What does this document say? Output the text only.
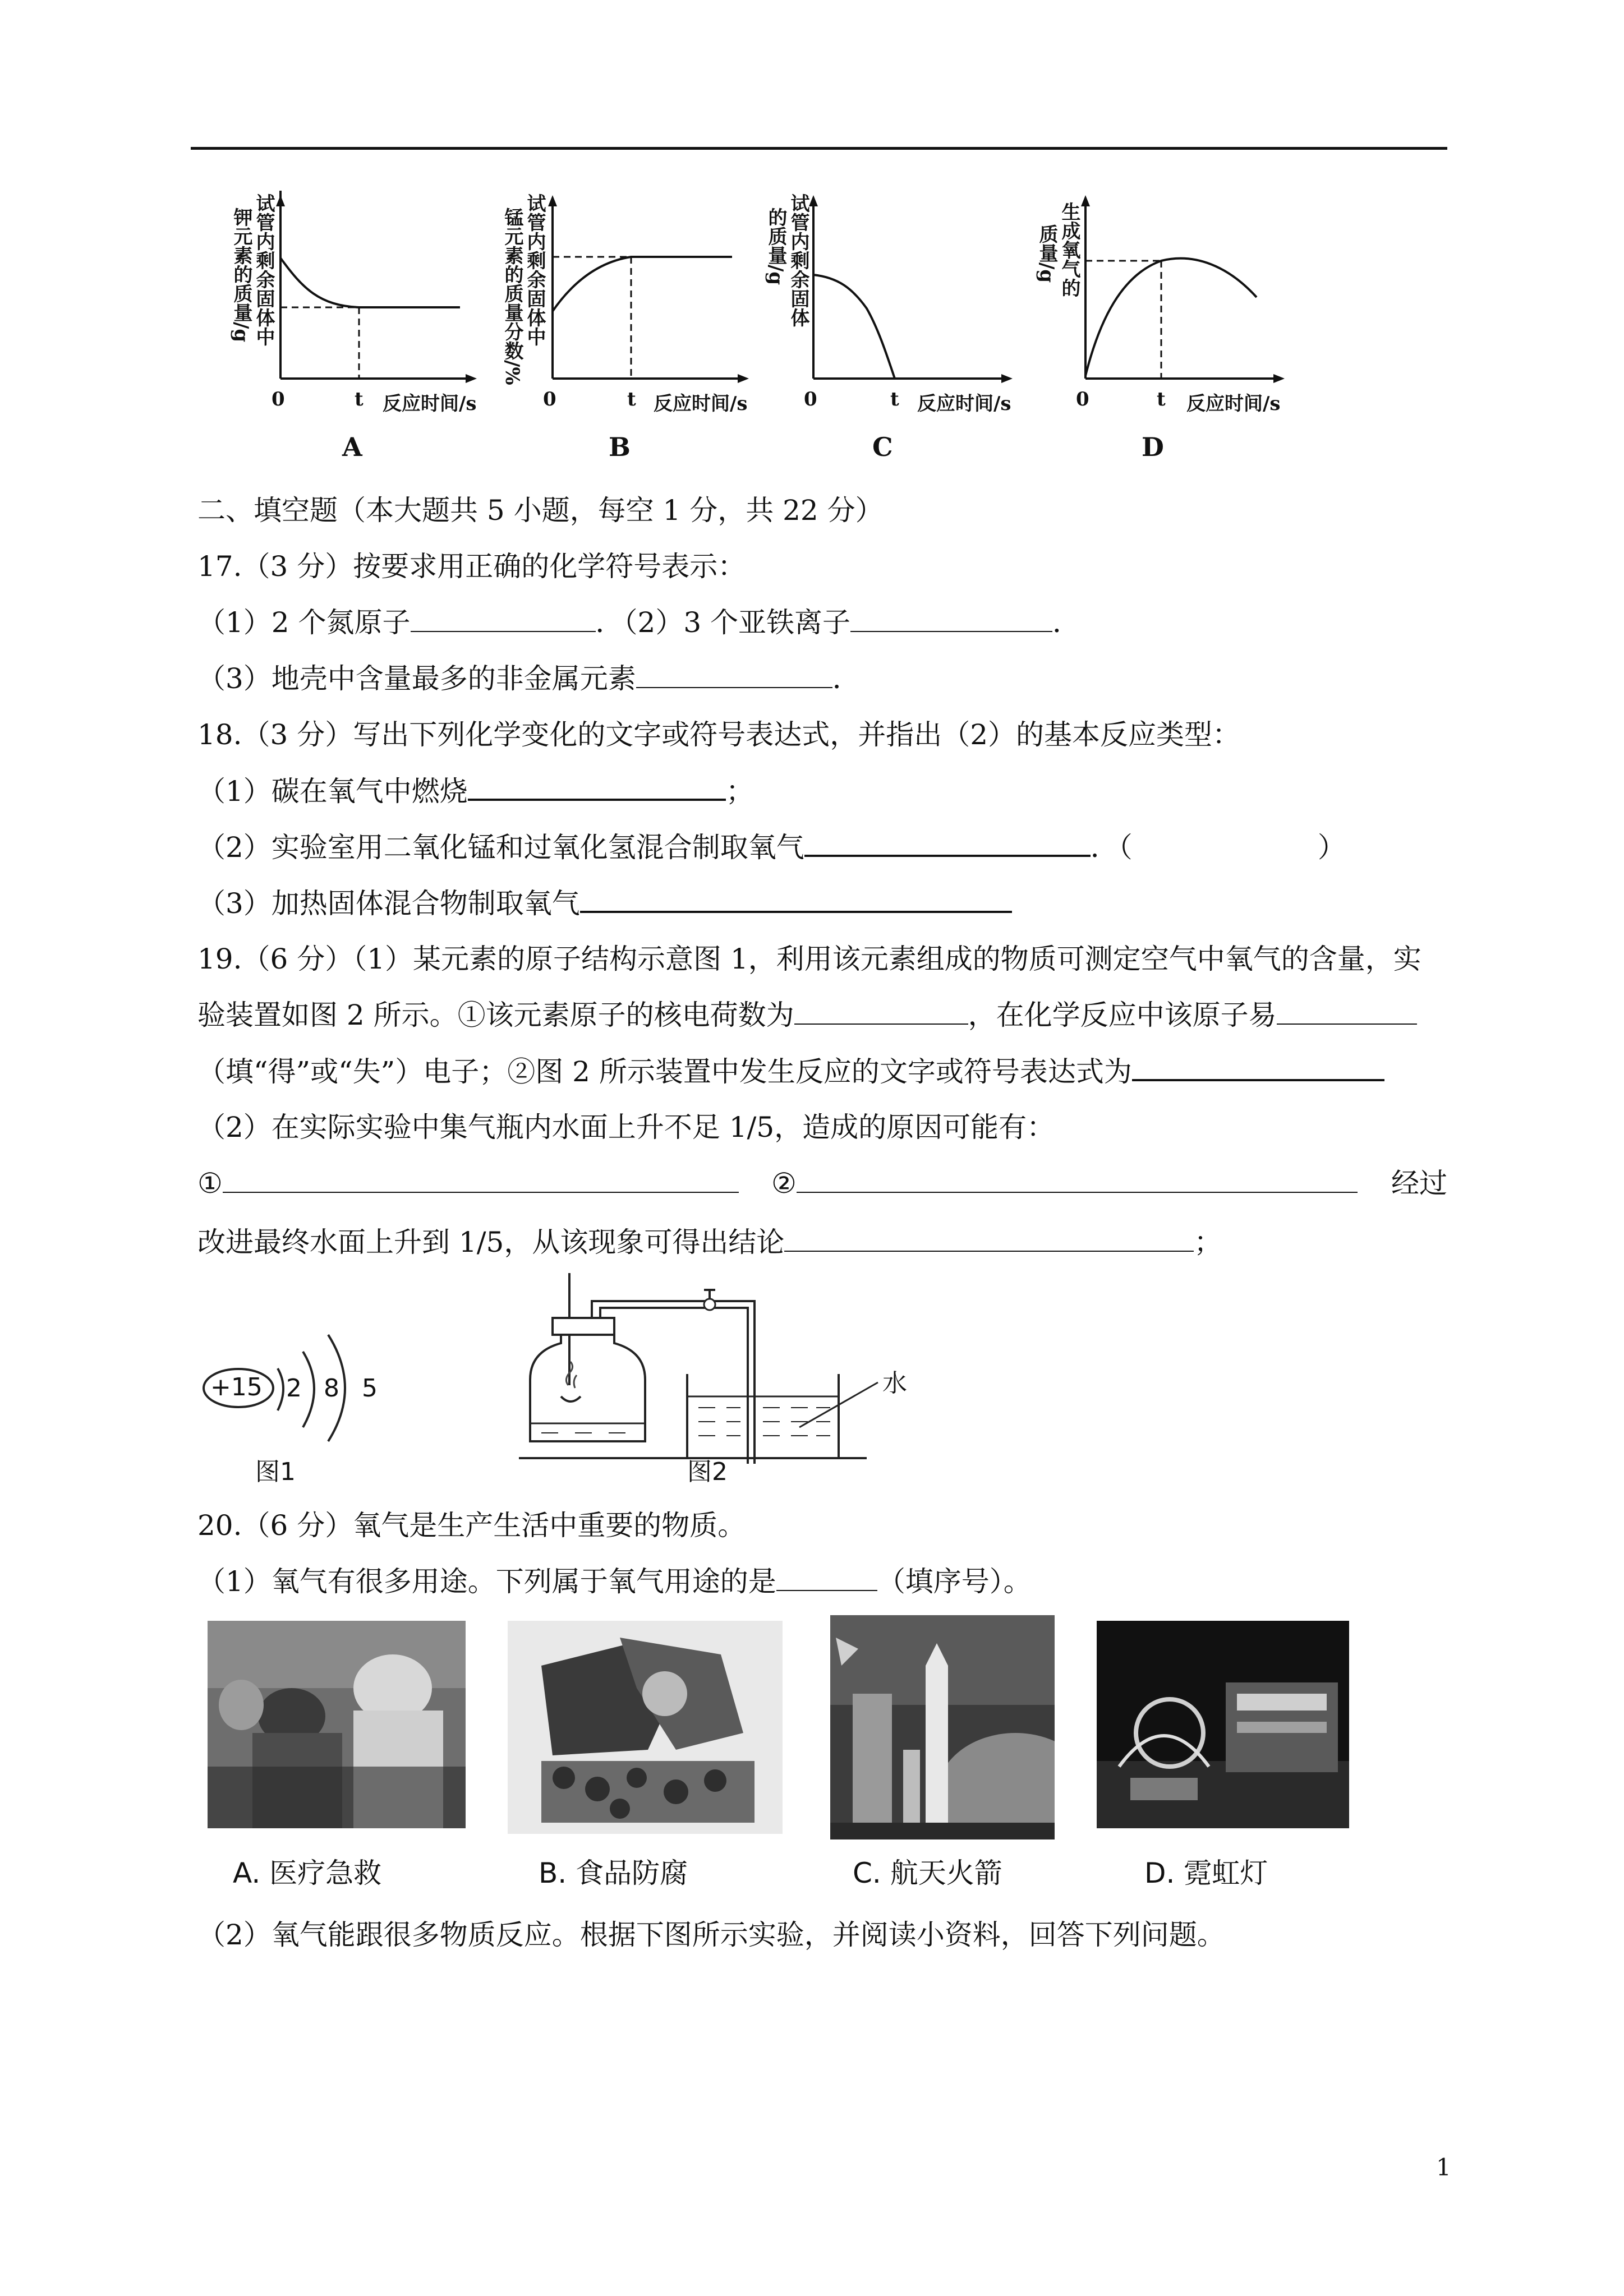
试管内剩余固体中
钾元素的质量/g
0	t 反应时间/s
A
试管内剩余固体中
锰元素的质量分数/%
0	t 反应时间/s
B
试管内剩余固体
的质量/g
0	t 反应时间/s
C
生成氧气的
质量/g
0	t 反应时间/s
D
二、填空题（本大题共 5 小题，每空 1 分，共 22 分）
17.（3 分）按要求用正确的化学符号表示：
（1）2 个氮原子	．（2）3 个亚铁离子	．
（3）地壳中含量最多的非金属元素	．
18.（3 分）写出下列化学变化的文字或符号表达式，并指出（2）的基本反应类型：
（1）碳在氧气中燃烧	；
（2）实验室用二氧化锰和过氧化氢混合制取氧气	．（	）
（3）加热固体混合物制取氧气
19.（6 分）（1）某元素的原子结构示意图 1，利用该元素组成的物质可测定空气中氧气的含量，实
验装置如图 2 所示。①该元素原子的核电荷数为	，在化学反应中该原子易
（填“得”或“失”）电子；②图 2 所示装置中发生反应的文字或符号表达式为
（2）在实际实验中集气瓶内水面上升不足 1/5，造成的原因可能有：
①	②	经过
改进最终水面上升到 1/5，从该现象可得出结论	；
+15 2 8 5
图1
水
图2
20.（6 分）氧气是生产生活中重要的物质。
（1）氧气有很多用途。下列属于氧气用途的是	（填序号）。
A. 医疗急救	B. 食品防腐	C. 航天火箭	D. 霓虹灯
（2）氧气能跟很多物质反应。根据下图所示实验，并阅读小资料，回答下列问题。
1
